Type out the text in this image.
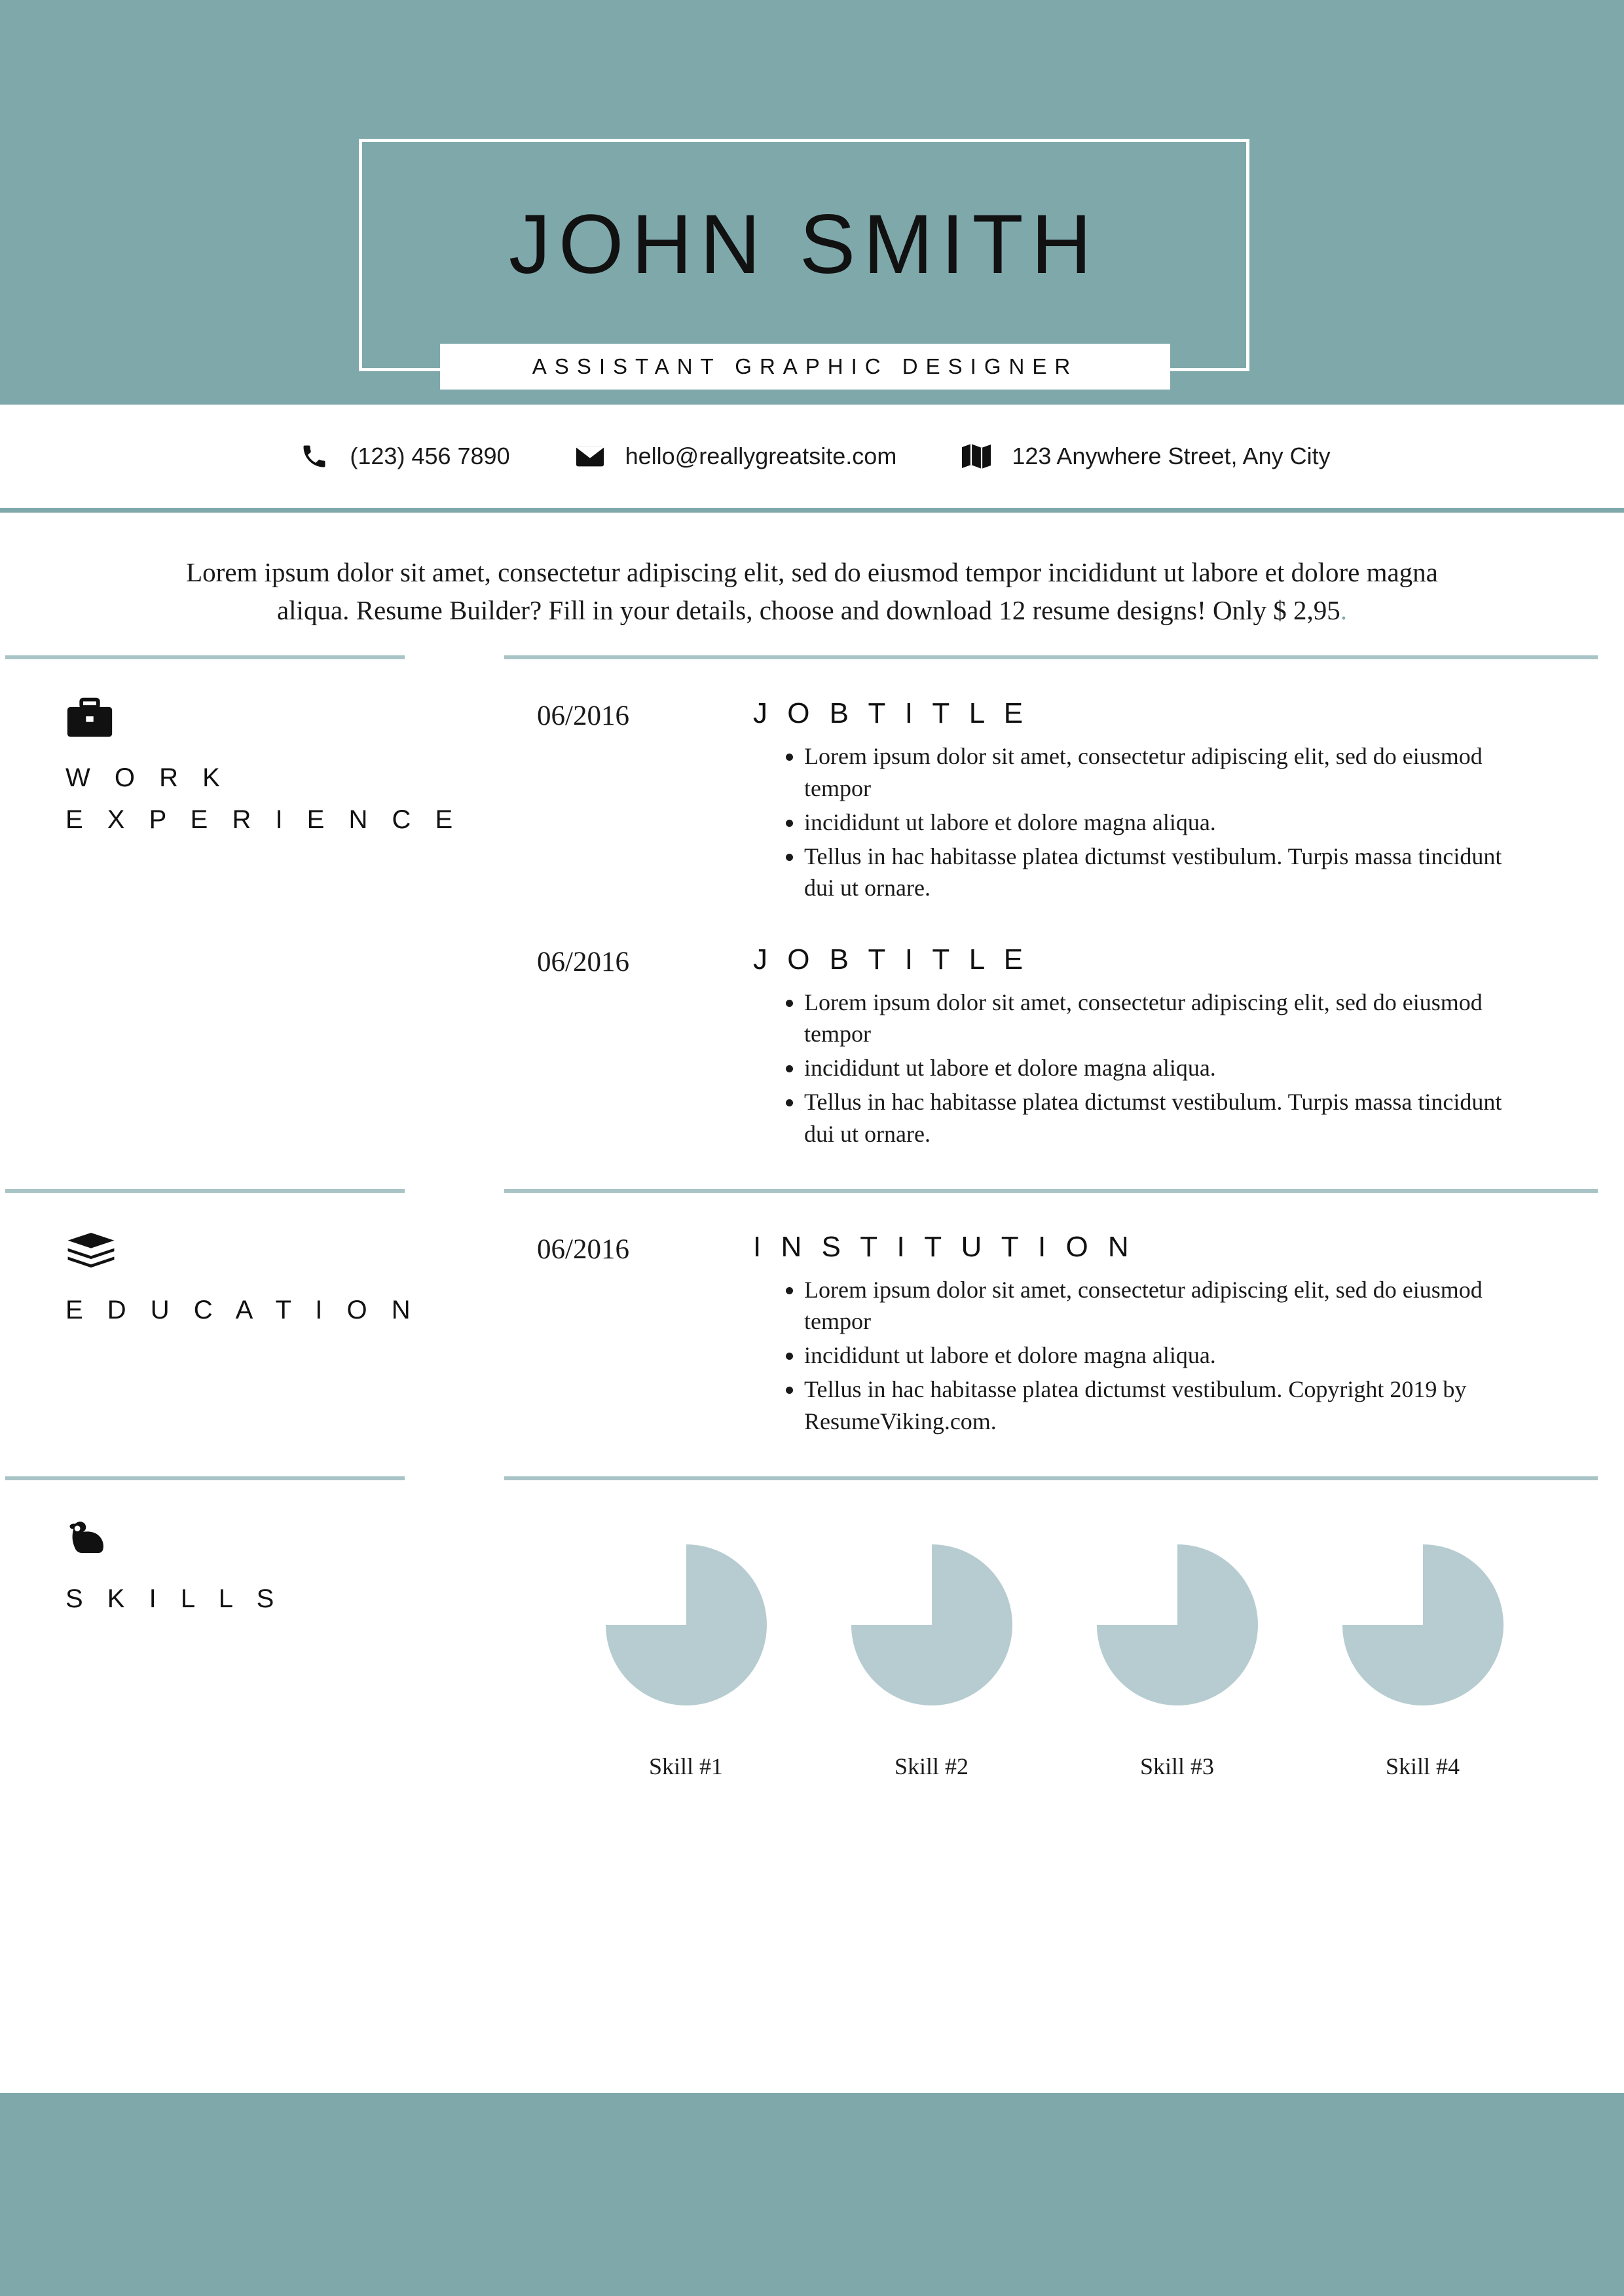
JOHN SMITH
ASSISTANT GRAPHIC DESIGNER
(123) 456 7890	hello@reallygreatsite.com	123 Anywhere Street, Any City
Lorem ipsum dolor sit amet, consectetur adipiscing elit, sed do eiusmod tempor incididunt ut labore et dolore magna aliqua. Resume Builder? Fill in your details, choose and download 12 resume designs! Only $ 2,95.
W O R K
E X P E R I E N C E
06/2016	J O B T I T L E
• Lorem ipsum dolor sit amet, consectetur adipiscing elit, sed do eiusmod tempor
• incididunt ut labore et dolore magna aliqua.
• Tellus in hac habitasse platea dictumst vestibulum. Turpis massa tincidunt dui ut ornare.
06/2016	J O B T I T L E
• Lorem ipsum dolor sit amet, consectetur adipiscing elit, sed do eiusmod tempor
• incididunt ut labore et dolore magna aliqua.
• Tellus in hac habitasse platea dictumst vestibulum. Turpis massa tincidunt dui ut ornare.
E D U C A T I O N
06/2016	I N S T I T U T I O N
• Lorem ipsum dolor sit amet, consectetur adipiscing elit, sed do eiusmod tempor
• incididunt ut labore et dolore magna aliqua.
• Tellus in hac habitasse platea dictumst vestibulum. Copyright 2019 by ResumeViking.com.
S K I L L S
Skill #1	Skill #2	Skill #3	Skill #4
